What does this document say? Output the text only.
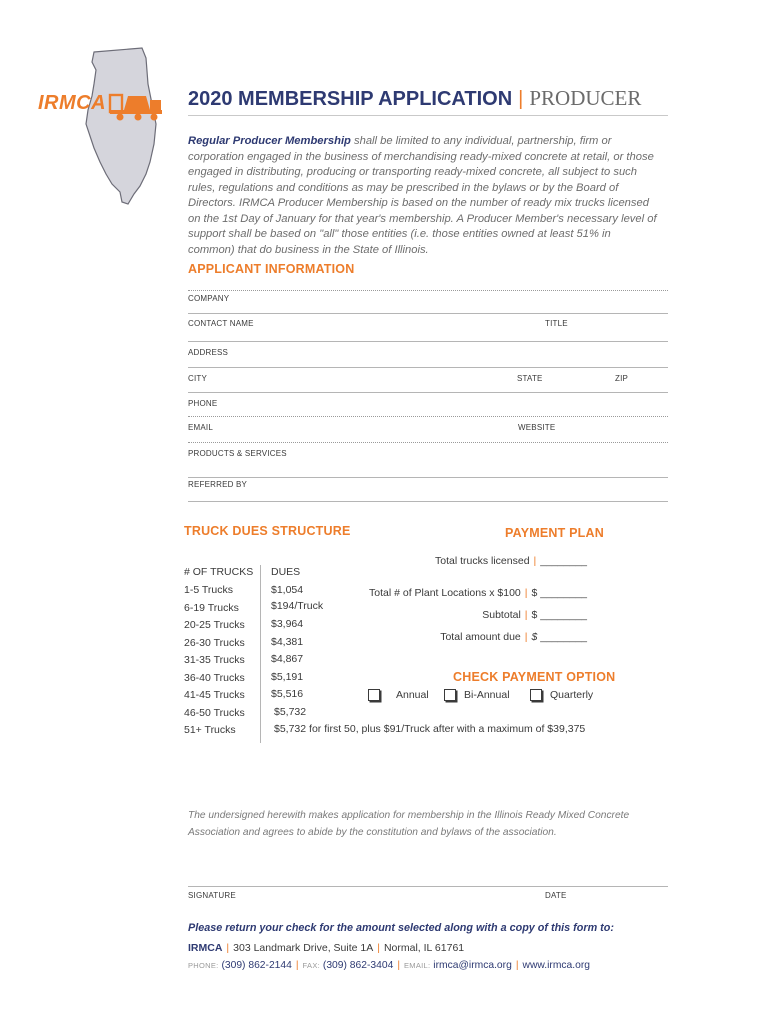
IRMCA	2020 MEMBERSHIP APPLICATION | PRODUCER
Regular Producer Membership shall be limited to any individual, partnership, firm or corporation engaged in the business of merchandising ready-mixed concrete at retail, or those engaged in distributing, producing or transporting ready-mixed concrete, all subject to such rules, regulations and conditions as may be prescribed in the bylaws or by the Board of Directors. IRMCA Producer Membership is based on the number of ready mix trucks licensed on the 1st Day of January for that year's membership. A Producer Member's necessary level of support shall be based on "all" those entities (i.e. those entities owned at least 51% in common) that do business in the State of Illinois.
APPLICANT INFORMATION
COMPANY
CONTACT NAME	TITLE
ADDRESS
CITY	STATE	ZIP
PHONE
EMAIL	WEBSITE
PRODUCTS & SERVICES
REFERRED BY
TRUCK DUES STRUCTURE
# OF TRUCKS DUES
1-5 Trucks	$1,054
6-19 Trucks	$194/Truck
20-25 Trucks	$3,964
26-30 Trucks	$4,381
31-35 Trucks	$4,867
36-40 Trucks	$5,191
41-45 Trucks	$5,516
46-50 Trucks	$5,732
51+ Trucks	$5,732 for first 50, plus $91/Truck after with a maximum of $39,375
PAYMENT PLAN
Total trucks licensed | ________
Total # of Plant Locations x $100 | $ ________
Subtotal | $ ________
Total amount due | $ ________
CHECK PAYMENT OPTION
Annual	Bi-Annual	Quarterly
The undersigned herewith makes application for membership in the Illinois Ready Mixed Concrete Association and agrees to abide by the constitution and bylaws of the association.
SIGNATURE	DATE
Please return your check for the amount selected along with a copy of this form to:
IRMCA | 303 Landmark Drive, Suite 1A | Normal, IL 61761
PHONE: (309) 862-2144 | FAX: (309) 862-3404 | EMAIL: irmca@irmca.org | www.irmca.org
